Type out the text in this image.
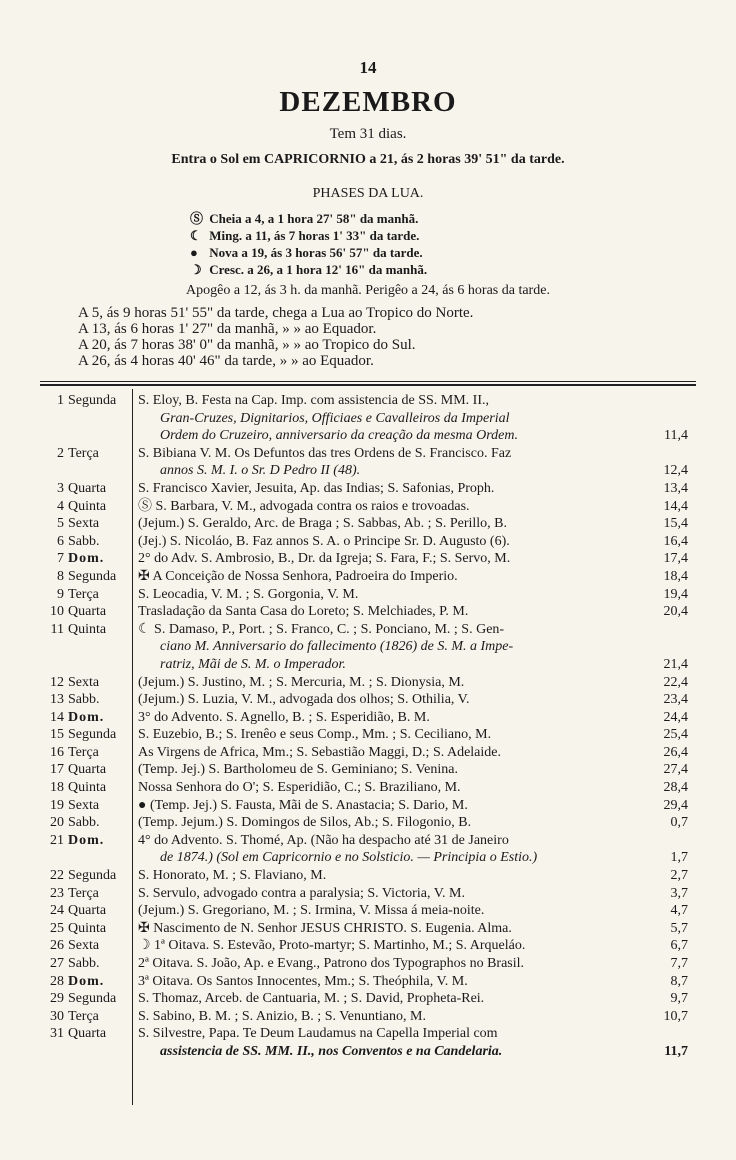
14
DEZEMBRO
Tem 31 dias.
Entra o Sol em CAPRICORNIO a 21, ás 2 horas 39' 51" da tarde.
PHASES DA LUA.
Ⓢ Cheia a 4, a 1 hora 27' 58" da manhã.
☾ Ming. a 11, ás 7 horas 1' 33" da tarde.
● Nova a 19, ás 3 horas 56' 57" da tarde.
☽ Cresc. a 26, a 1 hora 12' 16" da manhã.
Apogêo a 12, ás 3 h. da manhã. Perigêo a 24, ás 6 horas da tarde.
A 5, ás 9 horas 51' 55" da tarde, chega a Lua ao Tropico do Norte.
A 13, ás 6 horas 1' 27" da manhã, » » ao Equador.
A 20, ás 7 horas 38' 0" da manhã, » » ao Tropico do Sul.
A 26, ás 4 horas 40' 46" da tarde, » » ao Equador.
1 Segunda S. Eloy, B. Festa na Cap. Imp. com assistencia de SS. MM. II.,
Gran-Cruzes, Dignitarios, Officiaes e Cavalleiros da Imperial
Ordem do Cruzeiro, anniversario da creação da mesma Ordem.	11,4
2 Terça	S. Bibiana V. M. Os Defuntos das tres Ordens de S. Francisco. Faz
annos S. M. I. o Sr. D Pedro II (48).	12,4
3 Quarta S. Francisco Xavier, Jesuita, Ap. das Indias; S. Safonias, Proph.	13,4
4 Quinta Ⓢ S. Barbara, V. M., advogada contra os raios e trovoadas.	14,4
5 Sexta	(Jejum.) S. Geraldo, Arc. de Braga ; S. Sabbas, Ab. ; S. Perillo, B.	15,4
6 Sabb.	(Jej.) S. Nicoláo, B. Faz annos S. A. o Principe Sr. D. Augusto (6).	16,4
7 Dom. 2° do Adv. S. Ambrosio, B., Dr. da Igreja; S. Fara, F.; S. Servo, M.	17,4
8 Segunda ✠ A Conceição de Nossa Senhora, Padroeira do Imperio.	18,4
9 Terça	S. Leocadia, V. M. ; S. Gorgonia, V. M.	19,4
10 Quarta Trasladação da Santa Casa do Loreto; S. Melchiades, P. M.	20,4
11 Quinta ☾ S. Damaso, P., Port. ; S. Franco, C. ; S. Ponciano, M. ; S. Gen-
ciano M. Anniversario do fallecimento (1826) de S. M. a Impe-
ratriz, Mãi de S. M. o Imperador.	21,4
12 Sexta	(Jejum.) S. Justino, M. ; S. Mercuria, M. ; S. Dionysia, M.	22,4
13 Sabb.	(Jejum.) S. Luzia, V. M., advogada dos olhos; S. Othilia, V.	23,4
14 Dom. 3° do Advento. S. Agnello, B. ; S. Esperidião, B. M.	24,4
15 Segunda S. Euzebio, B.; S. Irenêo e seus Comp., Mm. ; S. Ceciliano, M.	25,4
16 Terça	As Virgens de Africa, Mm.; S. Sebastião Maggi, D.; S. Adelaide.	26,4
17 Quarta (Temp. Jej.) S. Bartholomeu de S. Geminiano; S. Venina.	27,4
18 Quinta Nossa Senhora do O'; S. Esperidião, C.; S. Braziliano, M.	28,4
19 Sexta	● (Temp. Jej.) S. Fausta, Mãi de S. Anastacia; S. Dario, M.	29,4
20 Sabb.	(Temp. Jejum.) S. Domingos de Silos, Ab.; S. Filogonio, B.	0,7
21 Dom. 4° do Advento. S. Thomé, Ap. (Não ha despacho até 31 de Janeiro
de 1874.) (Sol em Capricornio e no Solsticio. — Principia o Estio.)	1,7
22 Segunda S. Honorato, M. ; S. Flaviano, M.	2,7
23 Terça	S. Servulo, advogado contra a paralysia; S. Victoria, V. M.	3,7
24 Quarta (Jejum.) S. Gregoriano, M. ; S. Irmina, V. Missa á meia-noite.	4,7
25 Quinta ✠ Nascimento de N. Senhor JESUS CHRISTO. S. Eugenia. Alma.	5,7
26 Sexta	☽ 1ª Oitava. S. Estevão, Proto-martyr; S. Martinho, M.; S. Arqueláo.	6,7
27 Sabb.	2ª Oitava. S. João, Ap. e Evang., Patrono dos Typographos no Brasil.	7,7
28 Dom. 3ª Oitava. Os Santos Innocentes, Mm.; S. Theóphila, V. M.	8,7
29 Segunda S. Thomaz, Arceb. de Cantuaria, M. ; S. David, Propheta-Rei.	9,7
30 Terça	S. Sabino, B. M. ; S. Anizio, B. ; S. Venuntiano, M.	10,7
31 Quarta S. Silvestre, Papa. Te Deum Laudamus na Capella Imperial com
assistencia de SS. MM. II., nos Conventos e na Candelaria.	11,7
